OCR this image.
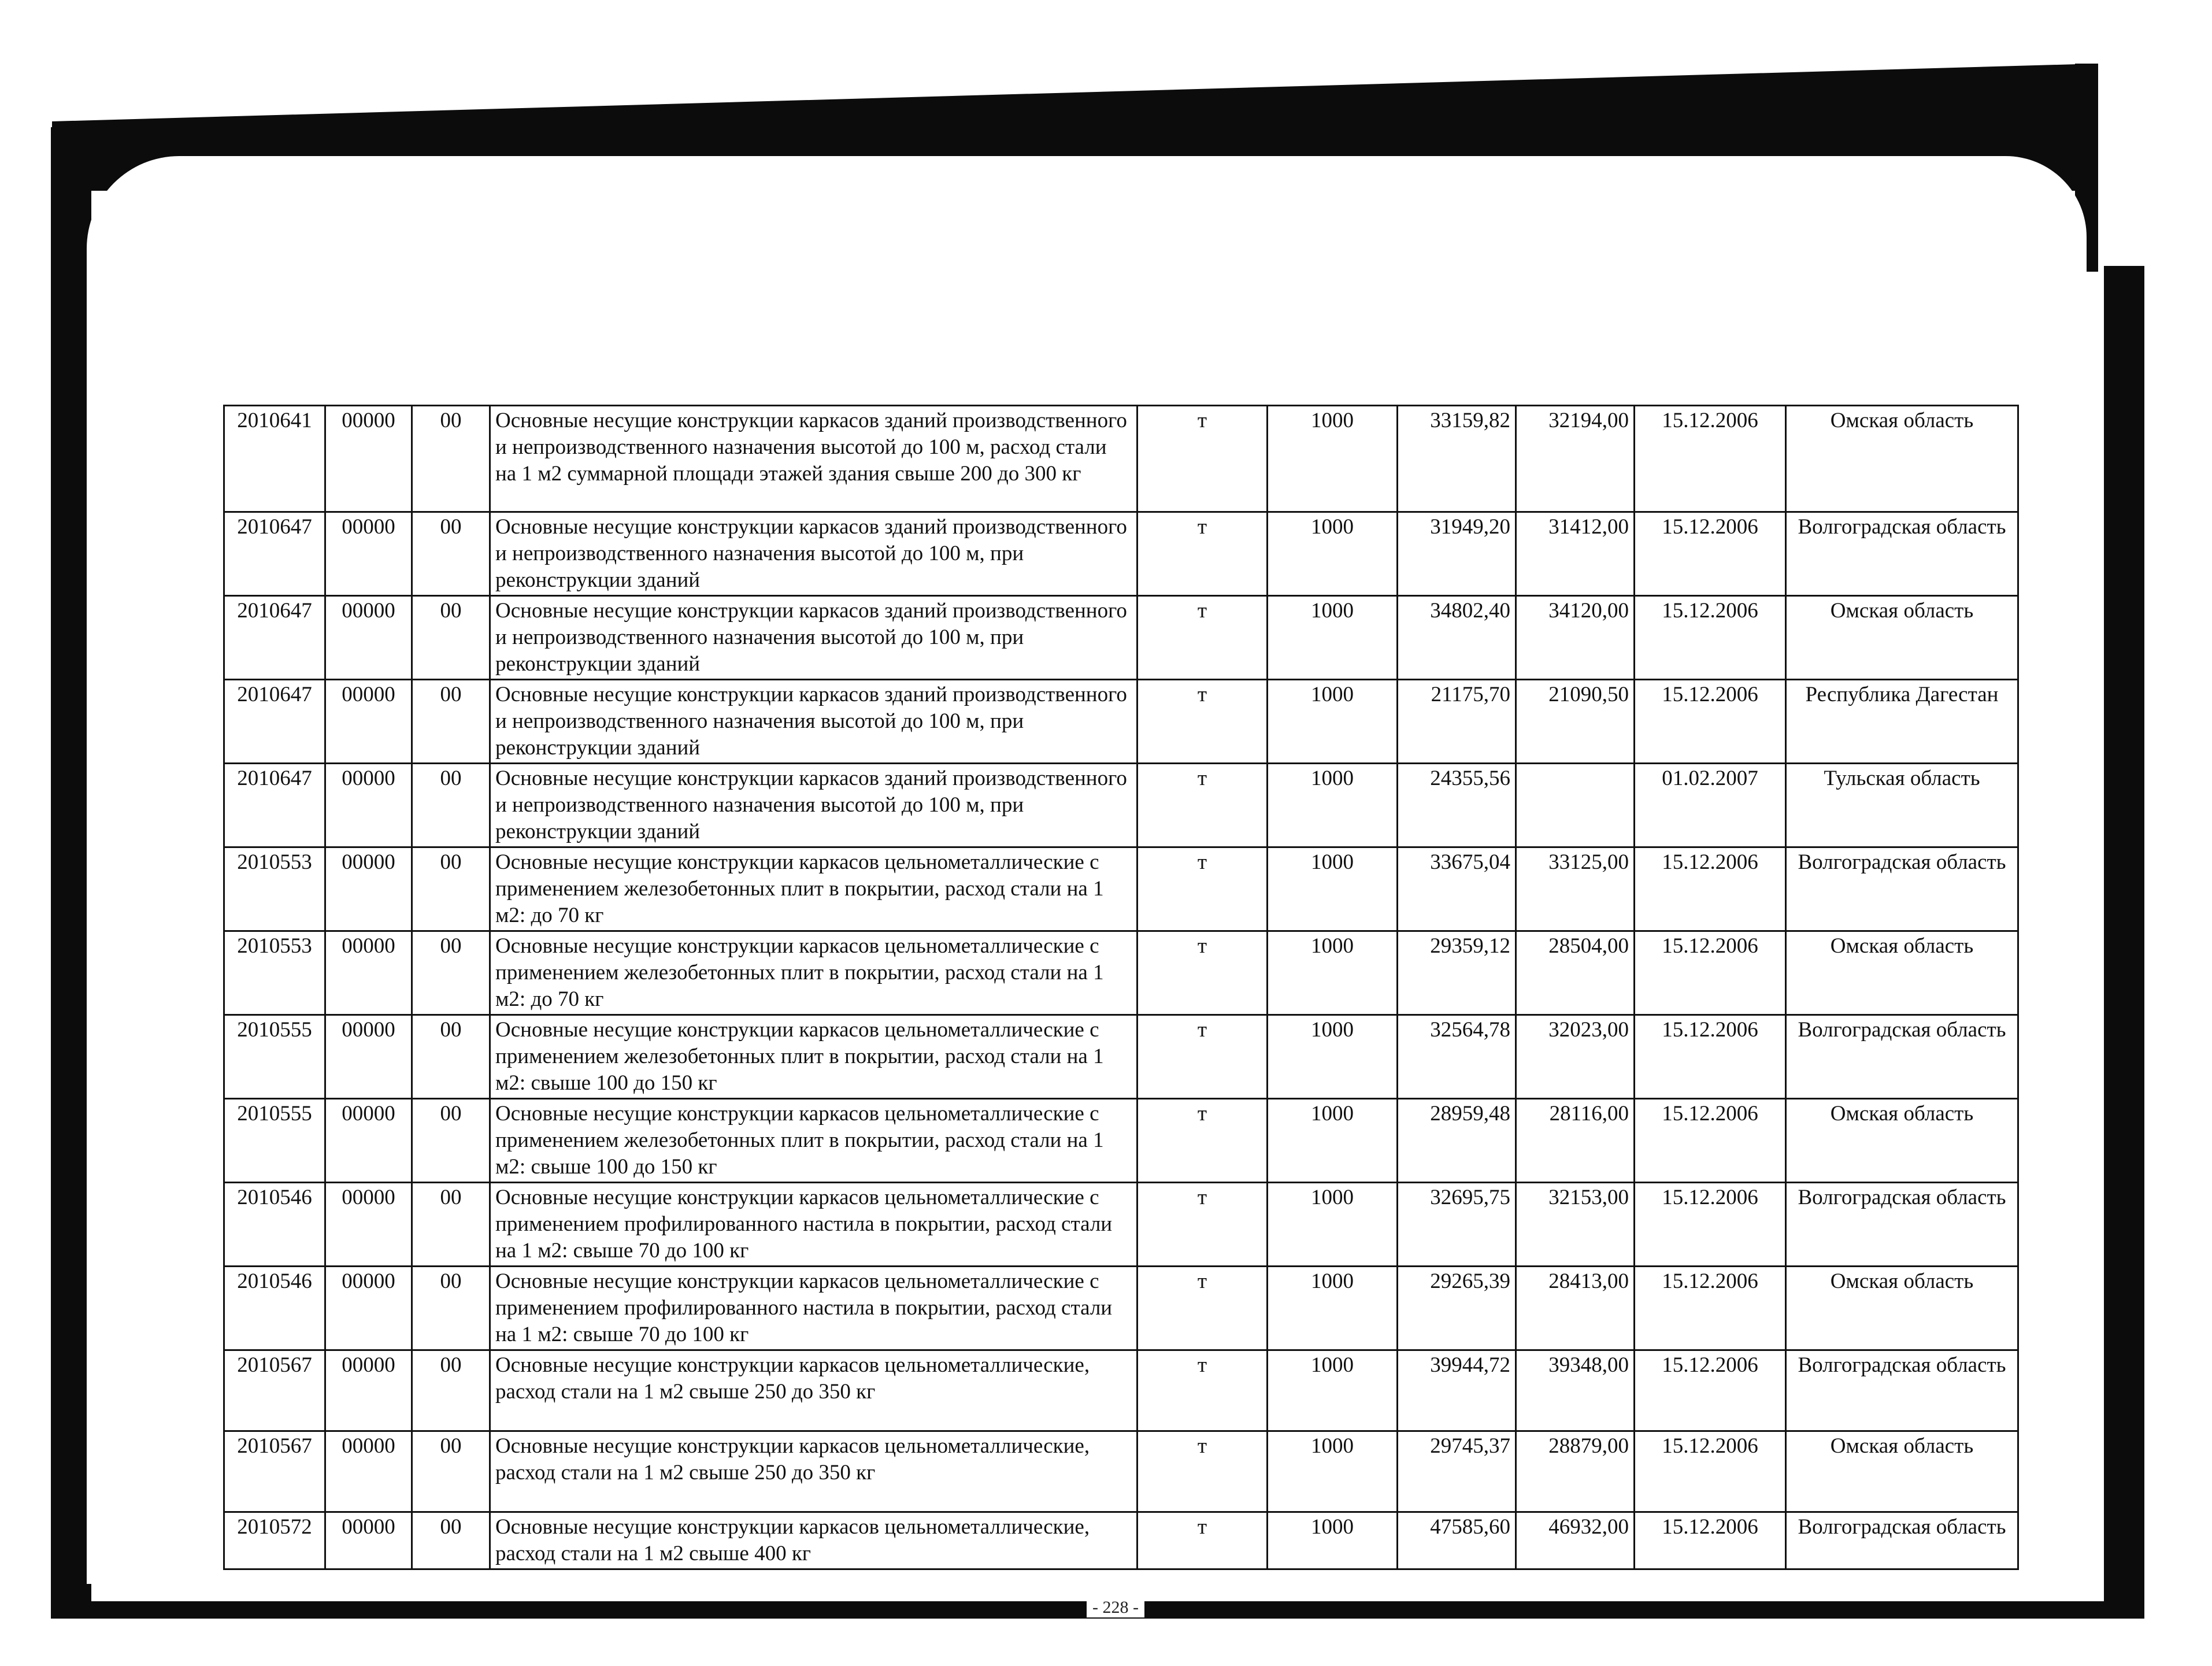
2010641	00000	00	Основные несущие конструкции каркасов зданий производственного и непроизводственного назначения высотой до 100 м, расход стали на 1 м2 суммарной площади этажей здания свыше 200 до 300 кг	т	1000	33159,82	32194,00	15.12.2006	Омская область
2010647	00000	00	Основные несущие конструкции каркасов зданий производственного и непроизводственного назначения высотой до 100 м, при реконструкции зданий	т	1000	31949,20	31412,00	15.12.2006	Волгоградская область
2010647	00000	00	Основные несущие конструкции каркасов зданий производственного и непроизводственного назначения высотой до 100 м, при реконструкции зданий	т	1000	34802,40	34120,00	15.12.2006	Омская область
2010647	00000	00	Основные несущие конструкции каркасов зданий производственного и непроизводственного назначения высотой до 100 м, при реконструкции зданий	т	1000	21175,70	21090,50	15.12.2006	Республика Дагестан
2010647	00000	00	Основные несущие конструкции каркасов зданий производственного и непроизводственного назначения высотой до 100 м, при реконструкции зданий	т	1000	24355,56		01.02.2007	Тульская область
2010553	00000	00	Основные несущие конструкции каркасов цельнометаллические с применением железобетонных плит в покрытии, расход стали на 1 м2: до 70 кг	т	1000	33675,04	33125,00	15.12.2006	Волгоградская область
2010553	00000	00	Основные несущие конструкции каркасов цельнометаллические с применением железобетонных плит в покрытии, расход стали на 1 м2: до 70 кг	т	1000	29359,12	28504,00	15.12.2006	Омская область
2010555	00000	00	Основные несущие конструкции каркасов цельнометаллические с применением железобетонных плит в покрытии, расход стали на 1 м2: свыше 100 до 150 кг	т	1000	32564,78	32023,00	15.12.2006	Волгоградская область
2010555	00000	00	Основные несущие конструкции каркасов цельнометаллические с применением железобетонных плит в покрытии, расход стали на 1 м2: свыше 100 до 150 кг	т	1000	28959,48	28116,00	15.12.2006	Омская область
2010546	00000	00	Основные несущие конструкции каркасов цельнометаллические с применением профилированного настила в покрытии, расход стали на 1 м2: свыше 70 до 100 кг	т	1000	32695,75	32153,00	15.12.2006	Волгоградская область
2010546	00000	00	Основные несущие конструкции каркасов цельнометаллические с применением профилированного настила в покрытии, расход стали на 1 м2: свыше 70 до 100 кг	т	1000	29265,39	28413,00	15.12.2006	Омская область
2010567	00000	00	Основные несущие конструкции каркасов цельнометаллические, расход стали на 1 м2 свыше 250 до 350 кг	т	1000	39944,72	39348,00	15.12.2006	Волгоградская область
2010567	00000	00	Основные несущие конструкции каркасов цельнометаллические, расход стали на 1 м2 свыше 250 до 350 кг	т	1000	29745,37	28879,00	15.12.2006	Омская область
2010572	00000	00	Основные несущие конструкции каркасов цельнометаллические, расход стали на 1 м2 свыше 400 кг	т	1000	47585,60	46932,00	15.12.2006	Волгоградская область
- 228 -
